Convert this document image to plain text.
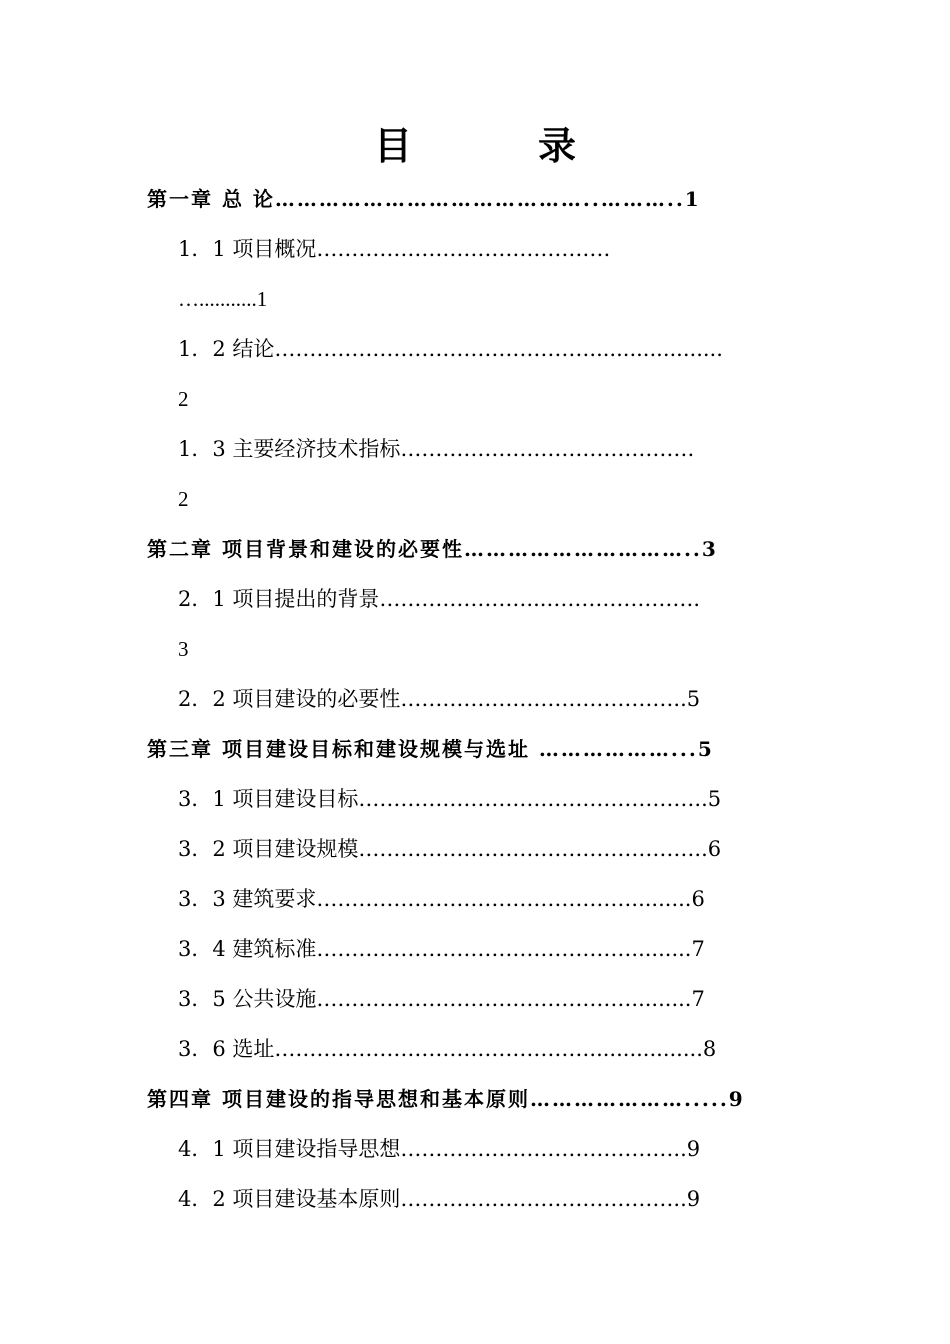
目	录
第一章 总 论……………………………………..………..1
1．1 项目概况……………………………………
…...........1
1．2 结论………………………………………....................
2
1．3 主要经济技术指标……………………………………
2
第二章 项目背景和建设的必要性…………………………..3
2．1 项目提出的背景…………………...………………….
3
2．2 项目建设的必要性…………………………………..5
第三章 项目建设目标和建设规模与选址 ………………...5
3．1 项目建设目标…………………………………………..5
3．2 项目建设规模…………………………………………..6
3．3 建筑要求……………………………………….........6
3．4 建筑标准……………………………………….........7
3．5 公共设施……………………………………….........7
3．6 选址……………………………………….................8
第四章 项目建设的指导思想和基本原则………………….....9
4．1 项目建设指导思想…………………………………..9
4．2 项目建设基本原则…………………………………..9
